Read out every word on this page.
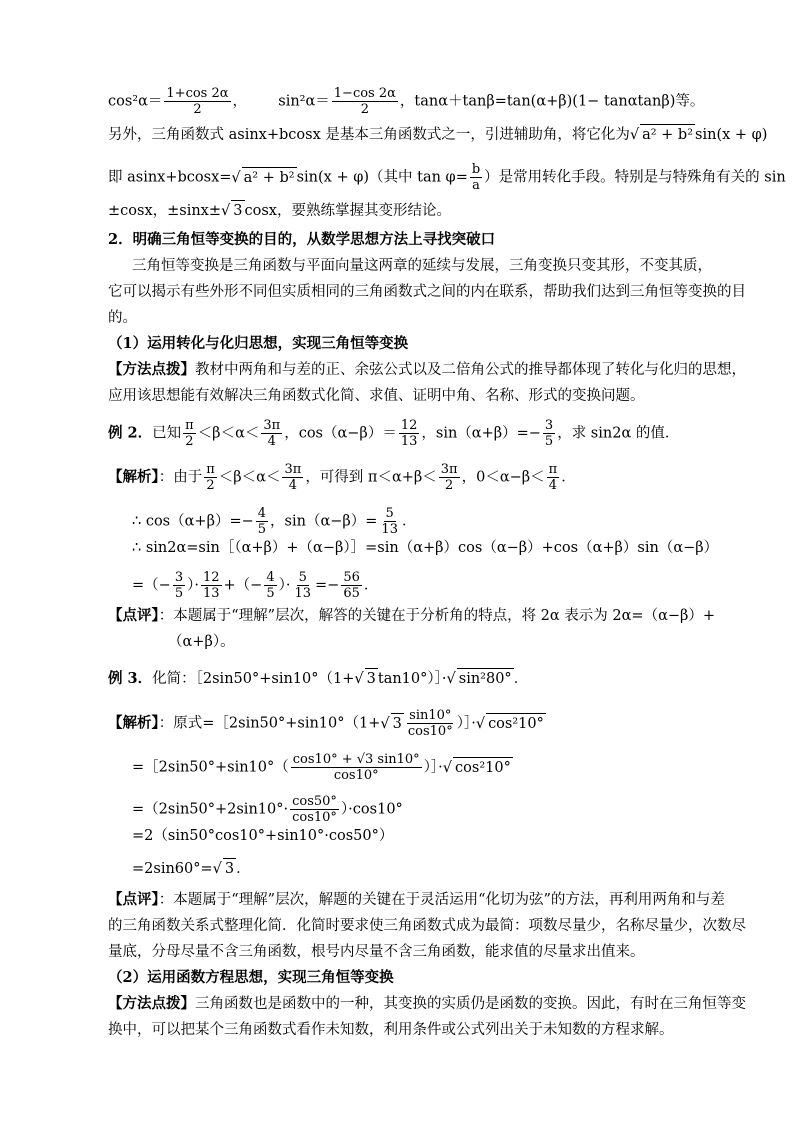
$\cos^2\alpha= \frac{1+\cos 2\alpha}{2}$ ， $\sin^2\alpha= \frac{1-\cos 2\alpha}{2}$ ，tanα＋tanβ=tan(α+β)(1− tanαtanβ)等。
另外，三角函数式 asinx+bcosx 是基本三角函数式之一，引进辅助角，将它化为√ a² + b² sin(x + φ)
即 asinx+bcosx=√ a² + b² sin(x + φ)（其中 $\tan \varphi= \frac{b}{a}$ ）是常用转化手段。特别是与特殊角有关的 sin
±cosx，±sinx±√ 3 cosx，要熟练掌握其变形结论。
2．明确三角恒等变换的目的，从数学思想方法上寻找突破口
三角恒等变换是三角函数与平面向量这两章的延续与发展，三角变换只变其形，不变其质，
它可以揭示有些外形不同但实质相同的三角函数式之间的内在联系，帮助我们达到三角恒等变换的目
的。
（1）运用转化与化归思想，实现三角恒等变换
【方法点拨】教材中两角和与差的正、余弦公式以及二倍角公式的推导都体现了转化与化归的思想，
应用该思想能有效解决三角函数式化简、求值、证明中角、名称、形式的变换问题。
例 2．已知 $\frac{\pi}{2} <\beta<\alpha< \frac{3\pi}{4}$ ，$\cos(\alpha-\beta)= \frac{12}{13}$ ，$\sin(\alpha+\beta)=- \frac{3}{5}$ ，求 sin2α 的值．
【解析】：由于 $\frac{\pi}{2} <\beta<\alpha< \frac{3\pi}{4}$ ，可得到 $\pi<\alpha+\beta< \frac{3\pi}{2}$ ，$0<\alpha-\beta< \frac{\pi}{4}$ ．
∴ $\cos(\alpha+\beta)=- \frac{4}{5}$ ，$\sin(\alpha-\beta)= \frac{5}{13}$ ．
∴ sin2α=sin［（α+β）+（α−β）］=sin（α+β）cos（α−β）+cos（α+β）sin（α−β）
=（− $\frac{3}{5}$ ）· $\frac{12}{13}$ +（− $\frac{4}{5}$ ）· $\frac{5}{13} =- \frac{56}{65}$ ．
【点评】：本题属于“理解”层次，解答的关键在于分析角的特点，将 2α 表示为 2α=（α−β）+
（α+β）。
例 3．化简：［2sin50°+sin10°（1+√ 3 tan10°）］·√ sin²80° ．
【解析】：原式=［2sin50°+sin10°（1+√ $3 \frac{\sin 10^\circ}{\cos 10^\circ}$ ）］·√ cos²10°
=［2sin50°+sin10°（ $\frac{\cos 10^\circ + √3 \sin 10^\circ}{\cos 10^\circ}$ ）］·√ cos²10°
$=(2\sin 50^\circ+2\sin 10^\circ\cdot \frac{\cos 50^\circ}{\cos 10^\circ} )\cdot\cos 10^\circ$
=2（sin50°cos10°+sin10°·cos50°）
=2sin60°=√ 3 ．
【点评】：本题属于“理解”层次，解题的关键在于灵活运用“化切为弦”的方法，再利用两角和与差
的三角函数关系式整理化简．化简时要求使三角函数式成为最简：项数尽量少，名称尽量少，次数尽
量底，分母尽量不含三角函数，根号内尽量不含三角函数，能求值的尽量求出值来。
（2）运用函数方程思想，实现三角恒等变换
【方法点拨】三角函数也是函数中的一种，其变换的实质仍是函数的变换。因此，有时在三角恒等变
换中，可以把某个三角函数式看作未知数，利用条件或公式列出关于未知数的方程求解。
